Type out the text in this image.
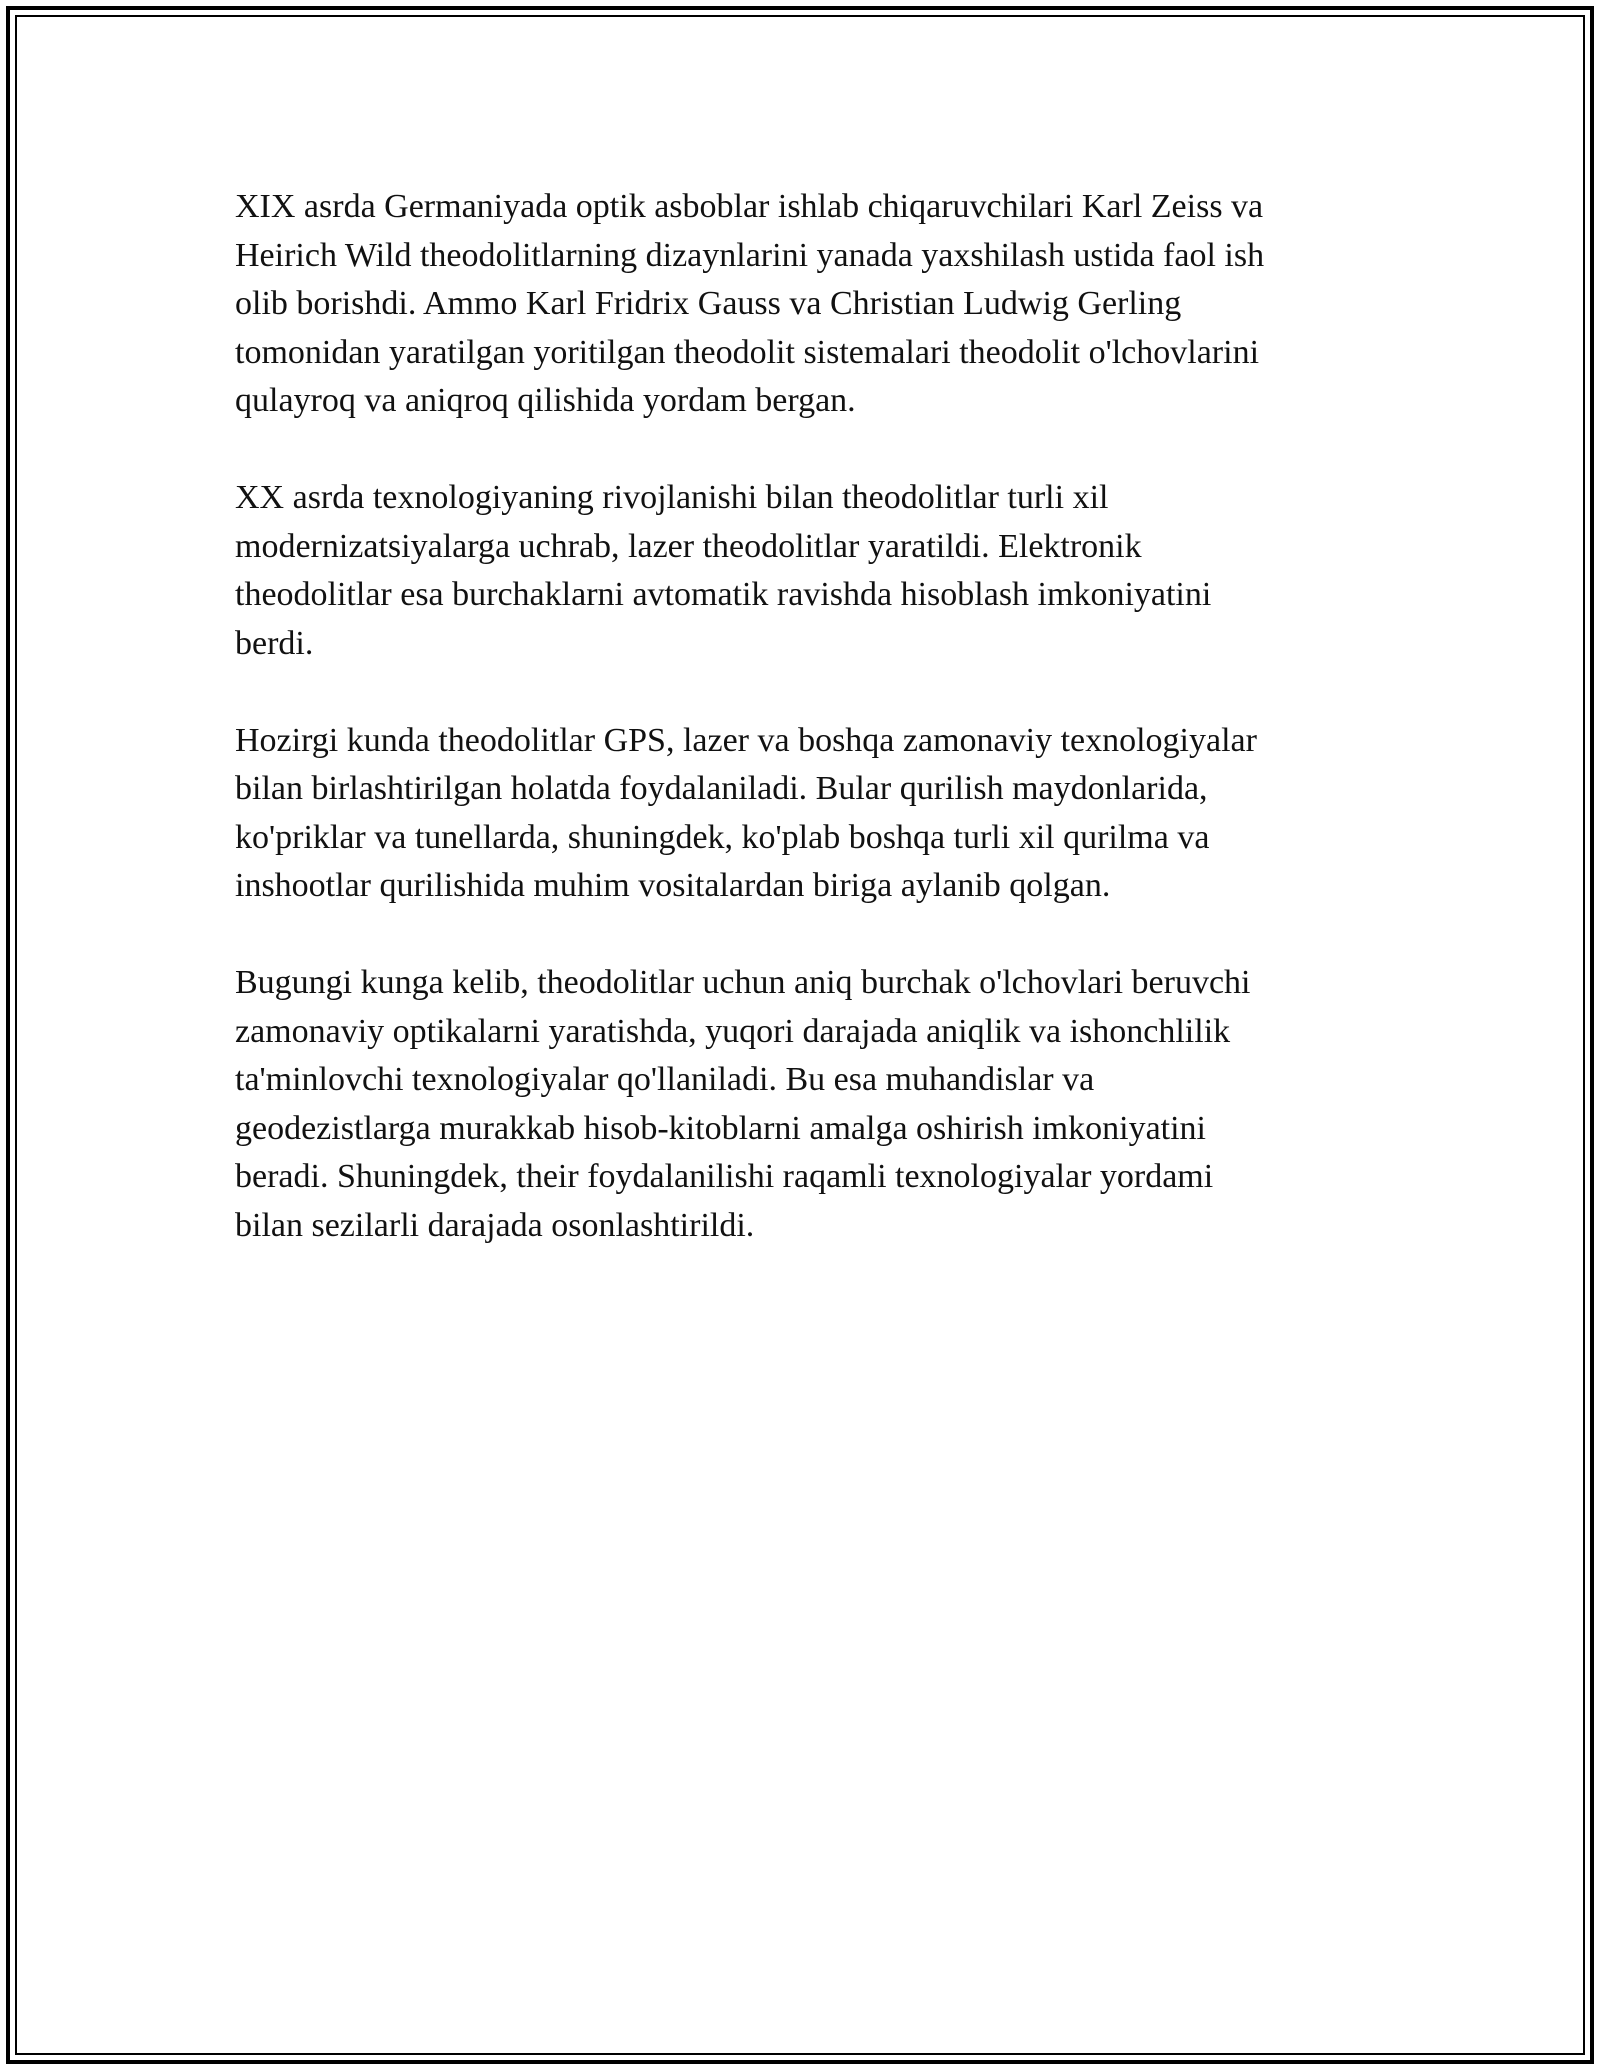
XIX asrda Germaniyada optik asboblar ishlab chiqaruvchilari Karl Zeiss va
Heirich Wild theodolitlarning dizaynlarini yanada yaxshilash ustida faol ish
olib borishdi. Ammo Karl Fridrix Gauss va Christian Ludwig Gerling
tomonidan yaratilgan yoritilgan theodolit sistemalari theodolit o'lchovlarini
qulayroq va aniqroq qilishida yordam bergan.

XX asrda texnologiyaning rivojlanishi bilan theodolitlar turli xil
modernizatsiyalarga uchrab, lazer theodolitlar yaratildi. Elektronik
theodolitlar esa burchaklarni avtomatik ravishda hisoblash imkoniyatini
berdi.

Hozirgi kunda theodolitlar GPS, lazer va boshqa zamonaviy texnologiyalar
bilan birlashtirilgan holatda foydalaniladi. Bular qurilish maydonlarida,
ko'priklar va tunellarda, shuningdek, ko'plab boshqa turli xil qurilma va
inshootlar qurilishida muhim vositalardan biriga aylanib qolgan.

Bugungi kunga kelib, theodolitlar uchun aniq burchak o'lchovlari beruvchi
zamonaviy optikalarni yaratishda, yuqori darajada aniqlik va ishonchlilik
ta'minlovchi texnologiyalar qo'llaniladi. Bu esa muhandislar va
geodezistlarga murakkab hisob-kitoblarni amalga oshirish imkoniyatini
beradi. Shuningdek, their foydalanilishi raqamli texnologiyalar yordami
bilan sezilarli darajada osonlashtirildi.
